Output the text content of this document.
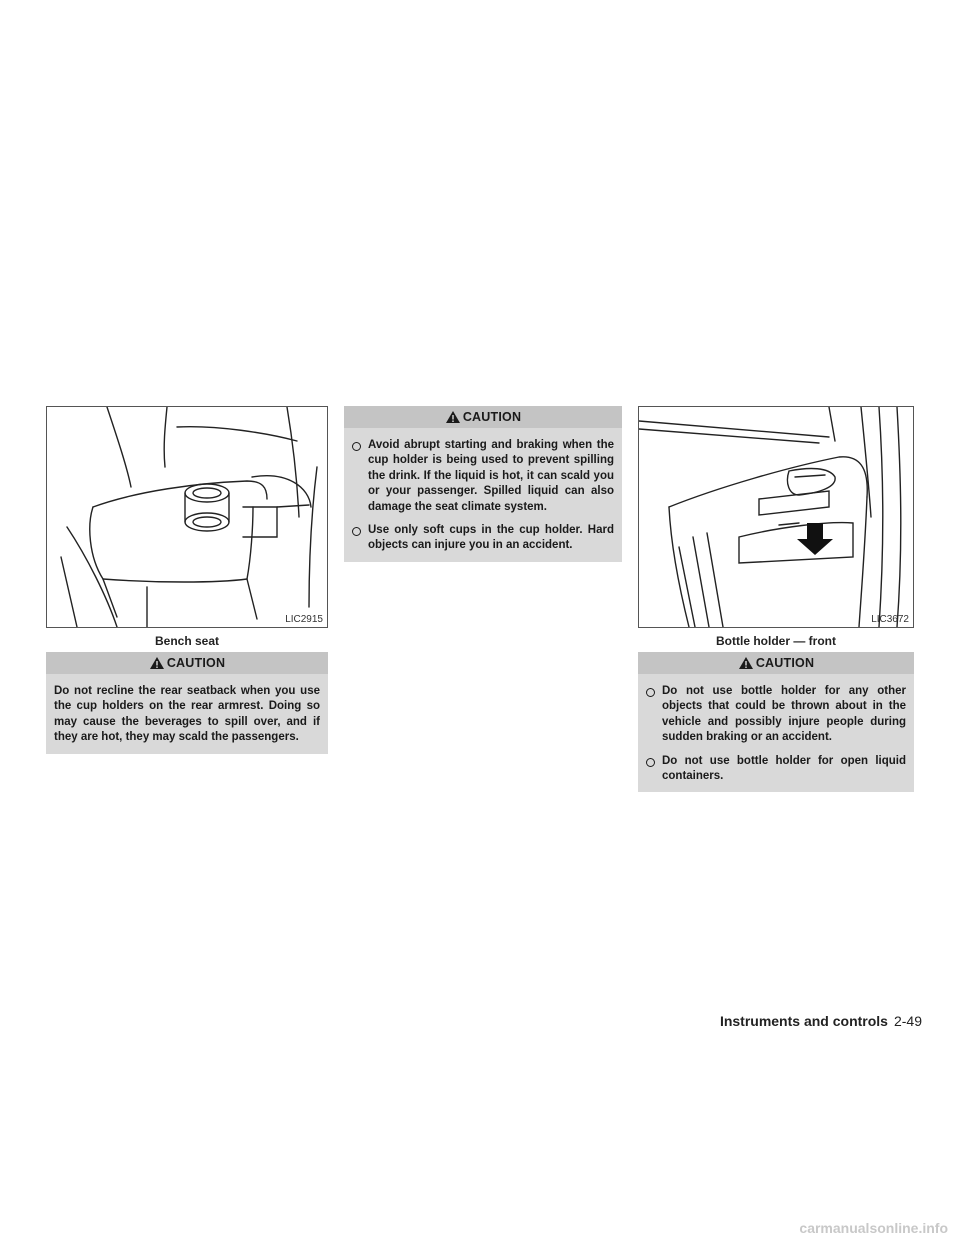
LIC2915
Bench seat
CAUTION

Do not recline the rear seatback when you use the cup holders on the rear armrest. Doing so may cause the beverages to spill over, and if they are hot, they may scald the passengers.

CAUTION
Avoid abrupt starting and braking when the cup holder is being used to prevent spilling the drink. If the liquid is hot, it can scald you or your passenger. Spilled liquid can also damage the seat climate system.
Use only soft cups in the cup holder. Hard objects can injure you in an accident.
LIC3672
Bottle holder — front
CAUTION
Do not use bottle holder for any other objects that could be thrown about in the vehicle and possibly injure people during sudden braking or an accident.
Do not use bottle holder for open liquid containers.
Instruments and controls 2-49
carmanualsonline.info
